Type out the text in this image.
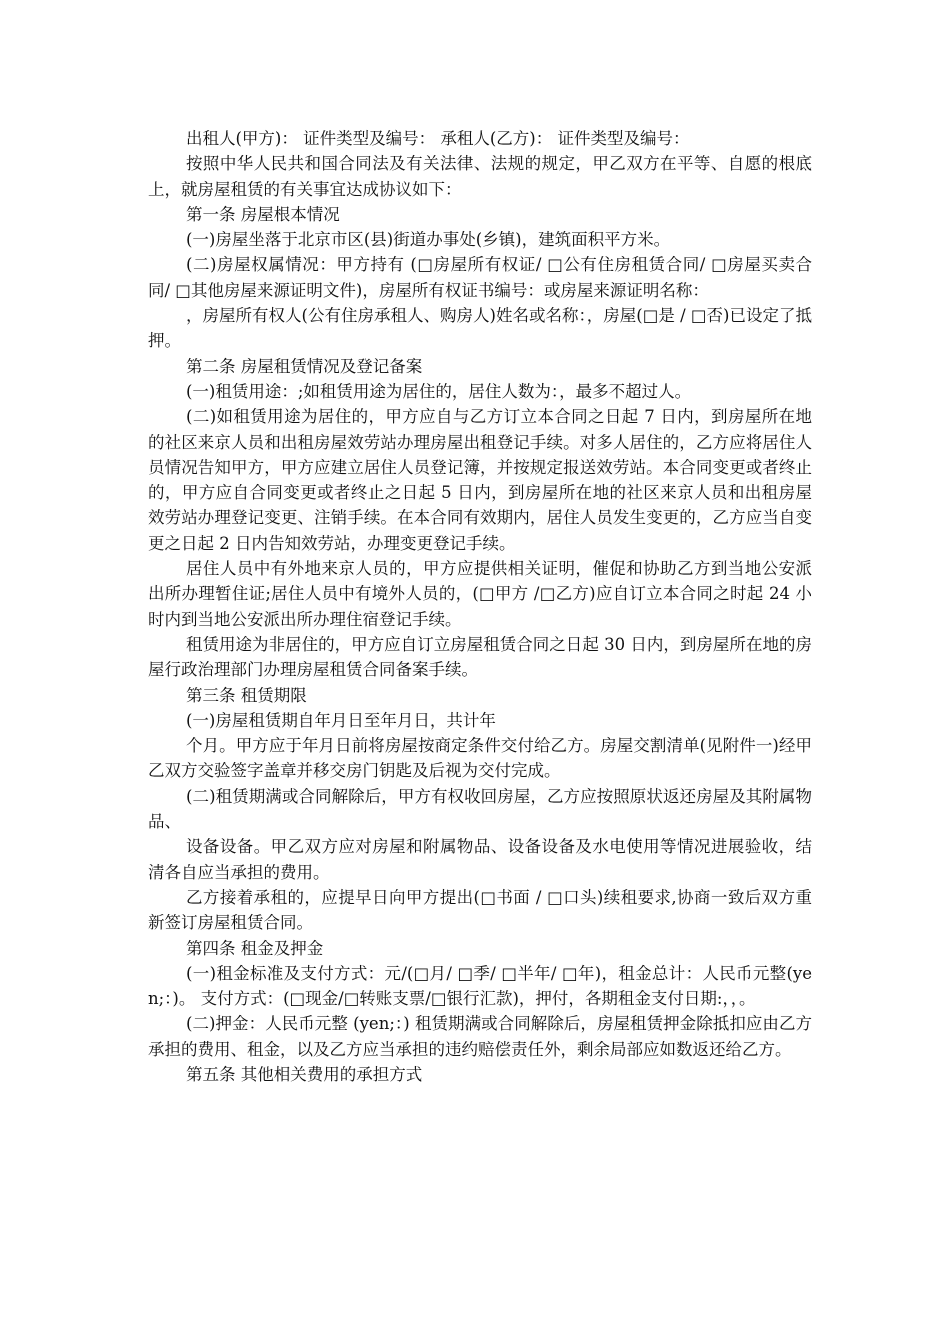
出租人(甲方)： 证件类型及编号： 承租人(乙方)： 证件类型及编号：

按照中华人民共和国合同法及有关法律、法规的规定，甲乙双方在平等、自愿的根底上，就房屋租赁的有关事宜达成协议如下：

第一条 房屋根本情况

(一)房屋坐落于北京市区(县)街道办事处(乡镇)，建筑面积平方米。

(二)房屋权属情况：甲方持有 (□房屋所有权证/ □公有住房租赁合同/ □房屋买卖合同/ □其他房屋来源证明文件)，房屋所有权证书编号：或房屋来源证明名称：

，房屋所有权人(公有住房承租人、购房人)姓名或名称：，房屋(□是 / □否)已设定了抵押。

第二条 房屋租赁情况及登记备案

(一)租赁用途：;如租赁用途为居住的，居住人数为：，最多不超过人。

(二)如租赁用途为居住的，甲方应自与乙方订立本合同之日起 7 日内，到房屋所在地的社区来京人员和出租房屋效劳站办理房屋出租登记手续。对多人居住的，乙方应将居住人员情况告知甲方，甲方应建立居住人员登记簿，并按规定报送效劳站。本合同变更或者终止的，甲方应自合同变更或者终止之日起 5 日内，到房屋所在地的社区来京人员和出租房屋效劳站办理登记变更、注销手续。在本合同有效期内，居住人员发生变更的，乙方应当自变更之日起 2 日内告知效劳站，办理变更登记手续。

居住人员中有外地来京人员的，甲方应提供相关证明，催促和协助乙方到当地公安派出所办理暂住证;居住人员中有境外人员的，(□甲方 /□乙方)应自订立本合同之时起 24 小时内到当地公安派出所办理住宿登记手续。

租赁用途为非居住的，甲方应自订立房屋租赁合同之日起 30 日内，到房屋所在地的房屋行政治理部门办理房屋租赁合同备案手续。

第三条 租赁期限

(一)房屋租赁期自年月日至年月日，共计年

个月。甲方应于年月日前将房屋按商定条件交付给乙方。房屋交割清单(见附件一)经甲乙双方交验签字盖章并移交房门钥匙及后视为交付完成。

(二)租赁期满或合同解除后，甲方有权收回房屋，乙方应按照原状返还房屋及其附属物品、

设备设备。甲乙双方应对房屋和附属物品、设备设备及水电使用等情况进展验收，结清各自应当承担的费用。

乙方接着承租的，应提早日向甲方提出(□书面 / □口头)续租要求,协商一致后双方重新签订房屋租赁合同。

第四条 租金及押金

(一)租金标准及支付方式：元/(□月/ □季/ □半年/ □年)，租金总计：人民币元整(yen;：)。 支付方式：(□现金/□转账支票/□银行汇款)，押付，各期租金支付日期:，，。

(二)押金：人民币元整 (yen;：) 租赁期满或合同解除后，房屋租赁押金除抵扣应由乙方承担的费用、租金，以及乙方应当承担的违约赔偿责任外，剩余局部应如数返还给乙方。

第五条 其他相关费用的承担方式
